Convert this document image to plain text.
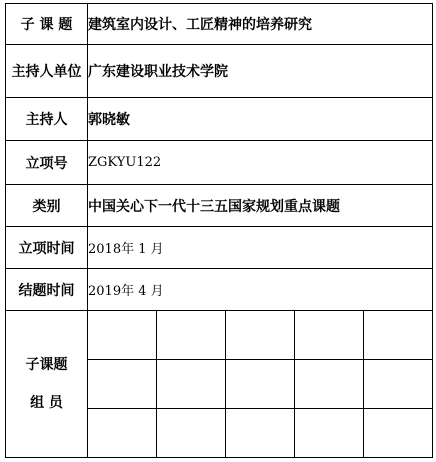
子 课 题	建筑室内设计、工匠精神的培养研究				
主持人单位	广东建设职业技术学院				
主持人	郭晓敏				
立项号	ZGKYU122				
类别	中国关心下一代十三五国家规划重点课题				
立项时间	2018年 1 月				
结题时间	2019年 4 月				

子课题
组 员					
